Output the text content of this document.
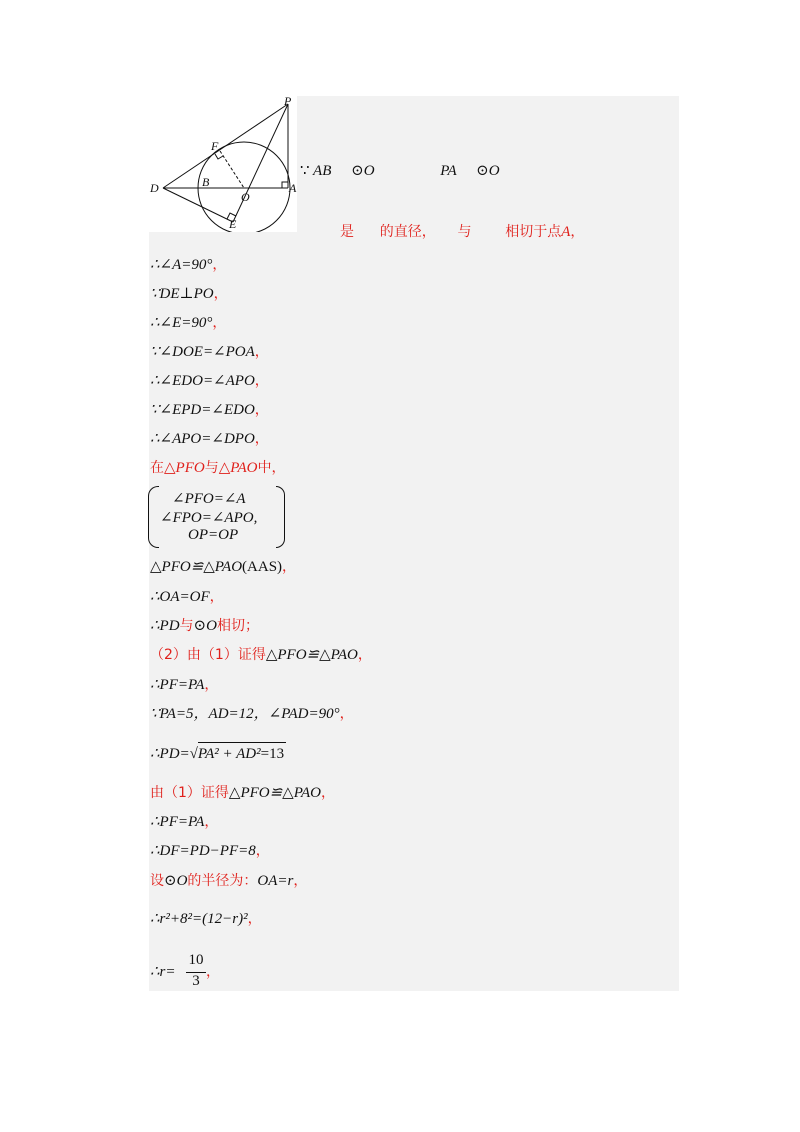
P
F
D	B
O
A
E
∵ AB ⊙O	PA ⊙O
是 的直径， 与 相切于点A，
∴∠A=90°，
∵DE⊥PO，
∴∠E=90°，
∵∠DOE=∠POA，
∴∠EDO=∠APO，
∵∠EPD=∠EDO，
∴∠APO=∠DPO，
在△PFO与△PAO中，
∠PFO=∠A
∠FPO=∠APO,
OP=OP
△PFO≌△PAO(AAS)，
∴OA=OF，
∴PD与⊙O相切；
（2）由（1）证得△PFO≌△PAO，
∴PF=PA，
∵PA=5，AD=12，∠PAD=90°，
∴PD=√PA² + AD²=13
由（1）证得△PFO≌△PAO，
∴PF=PA，
∴DF=PD−PF=8，
设⊙O的半径为：OA=r，
∴r²+8²=(12−r)²，
∴r=
10
3
，
